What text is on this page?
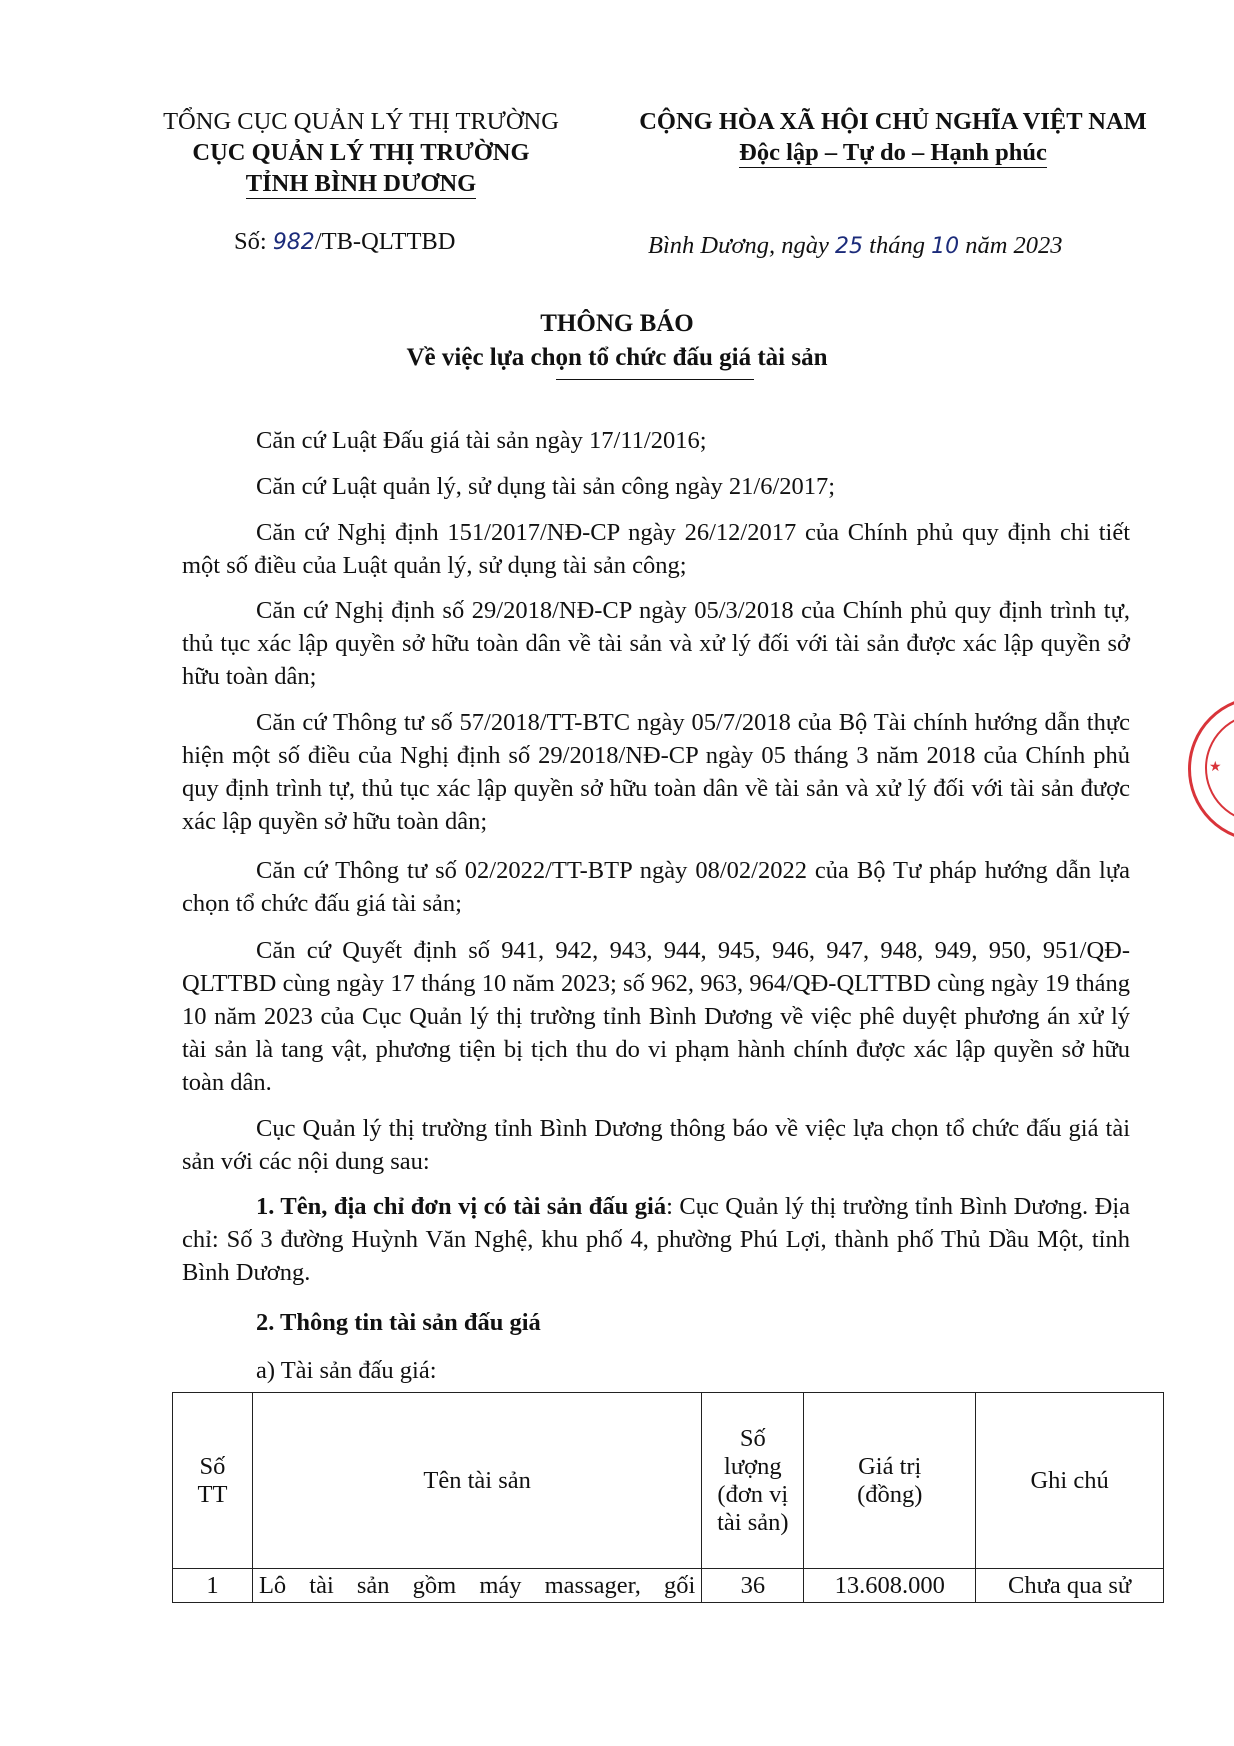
TỔNG CỤC QUẢN LÝ THỊ TRƯỜNG
CỤC QUẢN LÝ THỊ TRƯỜNG
TỈNH BÌNH DƯƠNG
CỘNG HÒA XÃ HỘI CHỦ NGHĨA VIỆT NAM
Độc lập – Tự do – Hạnh phúc
Số: 982/TB-QLTTBD	Bình Dương, ngày 25 tháng 10 năm 2023
THÔNG BÁO
Về việc lựa chọn tổ chức đấu giá tài sản
Căn cứ Luật Đấu giá tài sản ngày 17/11/2016;
Căn cứ Luật quản lý, sử dụng tài sản công ngày 21/6/2017;
Căn cứ Nghị định 151/2017/NĐ-CP ngày 26/12/2017 của Chính phủ quy định chi tiết một số điều của Luật quản lý, sử dụng tài sản công;
Căn cứ Nghị định số 29/2018/NĐ-CP ngày 05/3/2018 của Chính phủ quy định trình tự, thủ tục xác lập quyền sở hữu toàn dân về tài sản và xử lý đối với tài sản được xác lập quyền sở hữu toàn dân;
Căn cứ Thông tư số 57/2018/TT-BTC ngày 05/7/2018 của Bộ Tài chính hướng dẫn thực hiện một số điều của Nghị định số 29/2018/NĐ-CP ngày 05 tháng 3 năm 2018 của Chính phủ quy định trình tự, thủ tục xác lập quyền sở hữu toàn dân về tài sản và xử lý đối với tài sản được xác lập quyền sở hữu toàn dân;
Căn cứ Thông tư số 02/2022/TT-BTP ngày 08/02/2022 của Bộ Tư pháp hướng dẫn lựa chọn tổ chức đấu giá tài sản;
Căn cứ Quyết định số 941, 942, 943, 944, 945, 946, 947, 948, 949, 950, 951/QĐ-QLTTBD cùng ngày 17 tháng 10 năm 2023; số 962, 963, 964/QĐ-QLTTBD cùng ngày 19 tháng 10 năm 2023 của Cục Quản lý thị trường tỉnh Bình Dương về việc phê duyệt phương án xử lý tài sản là tang vật, phương tiện bị tịch thu do vi phạm hành chính được xác lập quyền sở hữu toàn dân.
Cục Quản lý thị trường tỉnh Bình Dương thông báo về việc lựa chọn tổ chức đấu giá tài sản với các nội dung sau:
1. Tên, địa chỉ đơn vị có tài sản đấu giá: Cục Quản lý thị trường tỉnh Bình Dương. Địa chỉ: Số 3 đường Huỳnh Văn Nghệ, khu phố 4, phường Phú Lợi, thành phố Thủ Dầu Một, tỉnh Bình Dương.
2. Thông tin tài sản đấu giá
a) Tài sản đấu giá:
Số TT	Tên tài sản	Số lượng (đơn vị tài sản)	Giá trị (đồng)	Ghi chú
1	Lô tài sản gồm máy massager, gối	36	13.608.000	Chưa qua sử
★
